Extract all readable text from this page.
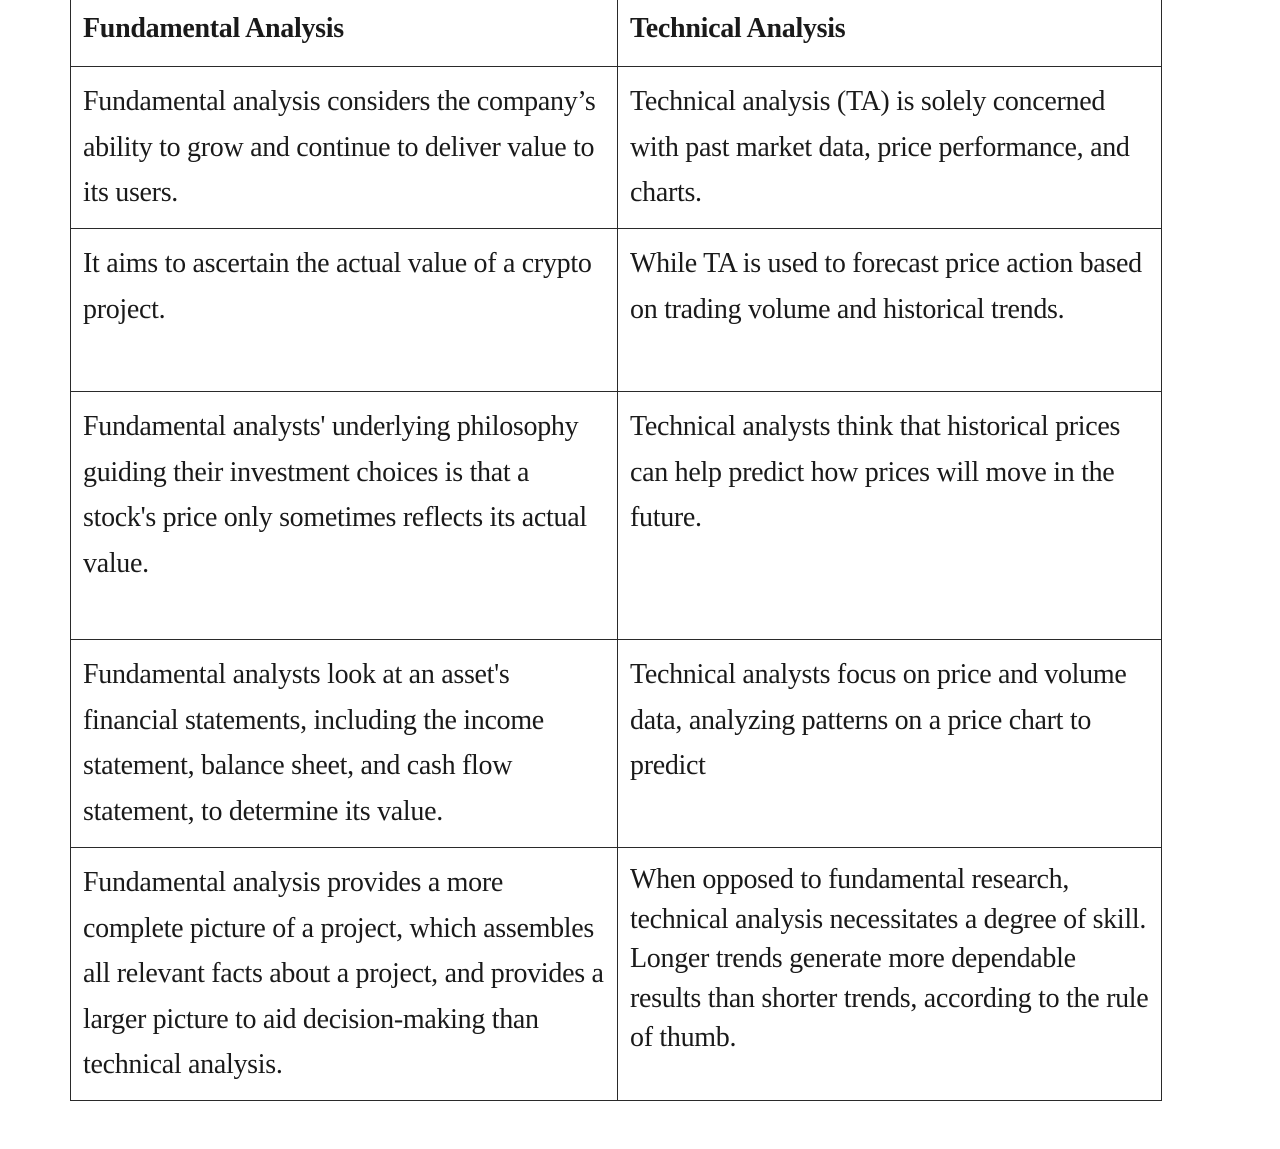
Fundamental Analysis	Technical Analysis
Fundamental analysis considers the company’s ability to grow and continue to deliver value to its users.	Technical analysis (TA) is solely concerned with past market data, price performance, and charts.
It aims to ascertain the actual value of a crypto project.	While TA is used to forecast price action based on trading volume and historical trends.
Fundamental analysts' underlying philosophy guiding their investment choices is that a stock's price only sometimes reflects its actual value.	Technical analysts think that historical prices can help predict how prices will move in the future.
Fundamental analysts look at an asset's financial statements, including the income statement, balance sheet, and cash flow statement, to determine its value.	Technical analysts focus on price and volume data, analyzing patterns on a price chart to predict
Fundamental analysis provides a more complete picture of a project, which assembles all relevant facts about a project, and provides a larger picture to aid decision-making than technical analysis.	When opposed to fundamental research, technical analysis necessitates a degree of skill. Longer trends generate more dependable results than shorter trends, according to the rule of thumb.
